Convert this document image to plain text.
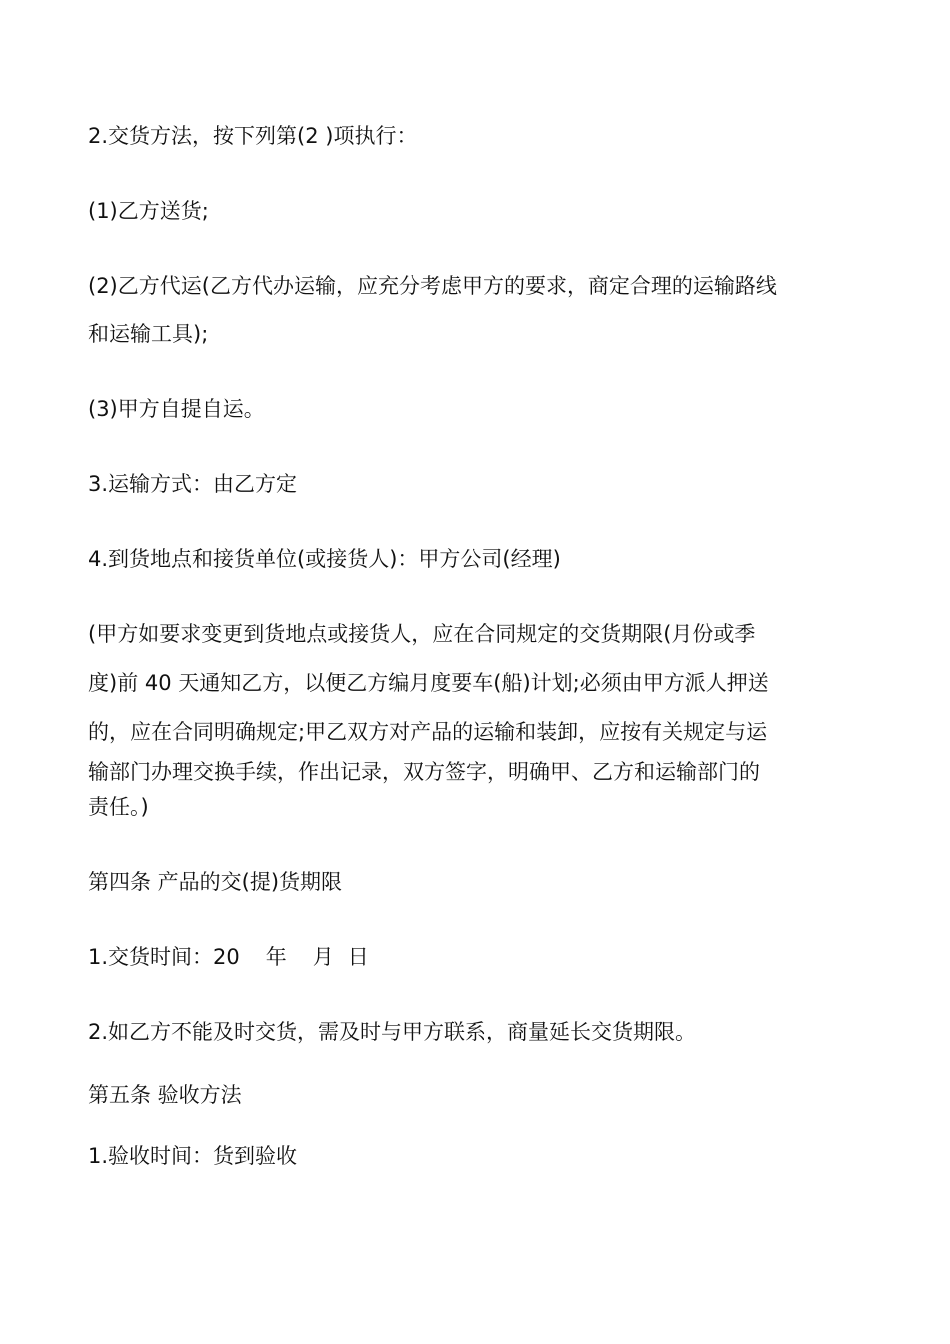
2.交货方法，按下列第(2 )项执行：
(1)乙方送货;
(2)乙方代运(乙方代办运输，应充分考虑甲方的要求，商定合理的运输路线
和运输工具);
(3)甲方自提自运。
3.运输方式：由乙方定
4.到货地点和接货单位(或接货人)：甲方公司(经理)
(甲方如要求变更到货地点或接货人，应在合同规定的交货期限(月份或季
度)前 40 天通知乙方，以便乙方编月度要车(船)计划;必须由甲方派人押送
的，应在合同明确规定;甲乙双方对产品的运输和装卸，应按有关规定与运
输部门办理交换手续，作出记录，双方签字，明确甲、乙方和运输部门的
责任。)
第四条 产品的交(提)货期限
1.交货时间：20 年 月 日
2.如乙方不能及时交货，需及时与甲方联系，商量延长交货期限。
第五条 验收方法
1.验收时间：货到验收
